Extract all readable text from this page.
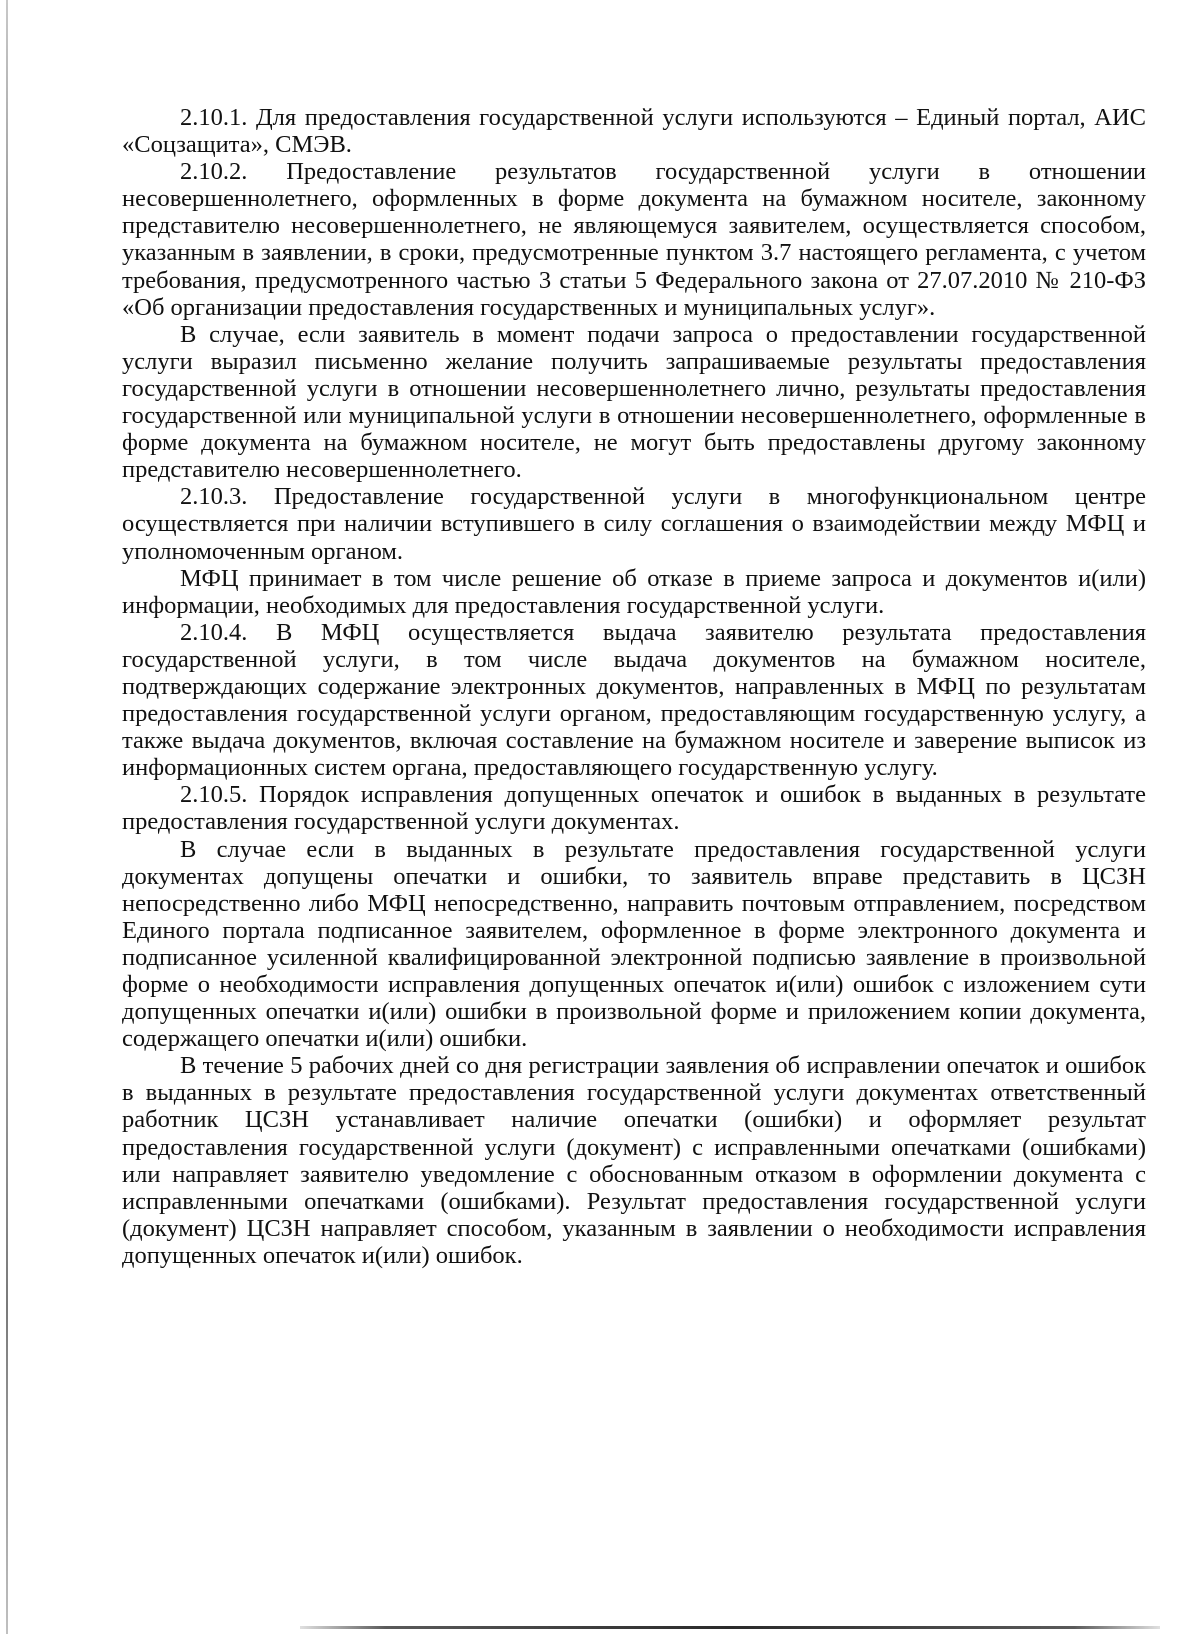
2.10.1. Для предоставления государственной услуги используются – Единый портал, АИС «Соцзащита», СМЭВ.

2.10.2. Предоставление результатов государственной услуги в отношении несовершеннолетнего, оформленных в форме документа на бумажном носителе, законному представителю несовершеннолетнего, не являющемуся заявителем, осуществляется способом, указанным в заявлении, в сроки, предусмотренные пунктом 3.7 настоящего регламента, с учетом требования, предусмотренного частью 3 статьи 5 Федерального закона от 27.07.2010 № 210-ФЗ «Об организации предоставления государственных и муниципальных услуг».

В случае, если заявитель в момент подачи запроса о предоставлении государственной услуги выразил письменно желание получить запрашиваемые результаты предоставления государственной услуги в отношении несовершеннолетнего лично, результаты предоставления государственной или муниципальной услуги в отношении несовершеннолетнего, оформленные в форме документа на бумажном носителе, не могут быть предоставлены другому законному представителю несовершеннолетнего.

2.10.3. Предоставление государственной услуги в многофункциональном центре осуществляется при наличии вступившего в силу соглашения о взаимодействии между МФЦ и уполномоченным органом.

МФЦ принимает в том числе решение об отказе в приеме запроса и документов и(или) информации, необходимых для предоставления государственной услуги.

2.10.4. В МФЦ осуществляется выдача заявителю результата предоставления государственной услуги, в том числе выдача документов на бумажном носителе, подтверждающих содержание электронных документов, направленных в МФЦ по результатам предоставления государственной услуги органом, предоставляющим государственную услугу, а также выдача документов, включая составление на бумажном носителе и заверение выписок из информационных систем органа, предоставляющего государственную услугу.

2.10.5. Порядок исправления допущенных опечаток и ошибок в выданных в результате предоставления государственной услуги документах.

В случае если в выданных в результате предоставления государственной услуги документах допущены опечатки и ошибки, то заявитель вправе представить в ЦСЗН непосредственно либо МФЦ непосредственно, направить почтовым отправлением, посредством Единого портала подписанное заявителем, оформленное в форме электронного документа и подписанное усиленной квалифицированной электронной подписью заявление в произвольной форме о необходимости исправления допущенных опечаток и(или) ошибок с изложением сути допущенных опечатки и(или) ошибки в произвольной форме и приложением копии документа, содержащего опечатки и(или) ошибки.

В течение 5 рабочих дней со дня регистрации заявления об исправлении опечаток и ошибок в выданных в результате предоставления государственной услуги документах ответственный работник ЦСЗН устанавливает наличие опечатки (ошибки) и оформляет результат предоставления государственной услуги (документ) с исправленными опечатками (ошибками) или направляет заявителю уведомление с обоснованным отказом в оформлении документа с исправленными опечатками (ошибками). Результат предоставления государственной услуги (документ) ЦСЗН направляет способом, указанным в заявлении о необходимости исправления допущенных опечаток и(или) ошибок.
